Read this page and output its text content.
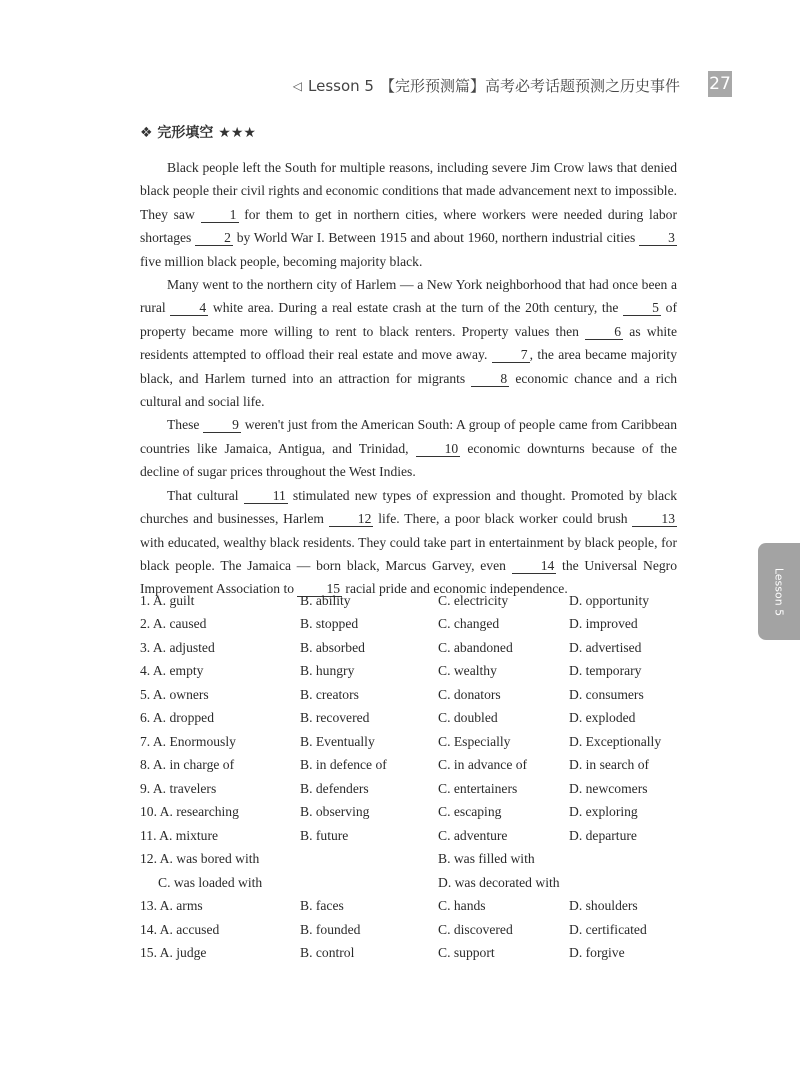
◁ Lesson 5 【完形预测篇】高考必考话题预测之历史事件 27
❖ 完形填空 ★★★

Black people left the South for multiple reasons, including severe Jim Crow laws that denied black people their civil rights and economic conditions that made advancement next to impossible. They saw 1 for them to get in northern cities, where workers were needed during labor shortages 2 by World War I. Between 1915 and about 1960, northern industrial cities 3 five million black people, becoming majority black.

Many went to the northern city of Harlem — a New York neighborhood that had once been a rural 4 white area. During a real estate crash at the turn of the 20th century, the 5 of property became more willing to rent to black renters. Property values then 6 as white residents attempted to offload their real estate and move away. 7 , the area became majority black, and Harlem turned into an attraction for migrants 8 economic chance and a rich cultural and social life.

These 9 weren't just from the American South: A group of people came from Caribbean countries like Jamaica, Antigua, and Trinidad, 10 economic downturns because of the decline of sugar prices throughout the West Indies.

That cultural 11 stimulated new types of expression and thought. Promoted by black churches and businesses, Harlem 12 life. There, a poor black worker could brush 13 with educated, wealthy black residents. They could take part in entertainment by black people, for black people. The Jamaica — born black, Marcus Garvey, even 14 the Universal Negro Improvement Association to 15 racial pride and economic independence.

1. A. guilt	B. ability	C. electricity	D. opportunity
2. A. caused	B. stopped	C. changed	D. improved
3. A. adjusted	B. absorbed	C. abandoned	D. advertised
4. A. empty	B. hungry	C. wealthy	D. temporary
5. A. owners	B. creators	C. donators	D. consumers
6. A. dropped	B. recovered	C. doubled	D. exploded
7. A. Enormously	B. Eventually	C. Especially	D. Exceptionally
8. A. in charge of	B. in defence of	C. in advance of	D. in search of
9. A. travelers	B. defenders	C. entertainers	D. newcomers
10. A. researching	B. observing	C. escaping	D. exploring
11. A. mixture	B. future	C. adventure	D. departure
12. A. was bored with	B. was filled with
C. was loaded with	D. was decorated with
13. A. arms	B. faces	C. hands	D. shoulders
14. A. accused	B. founded	C. discovered	D. certificated
15. A. judge	B. control	C. support	D. forgive
Lesson 5
